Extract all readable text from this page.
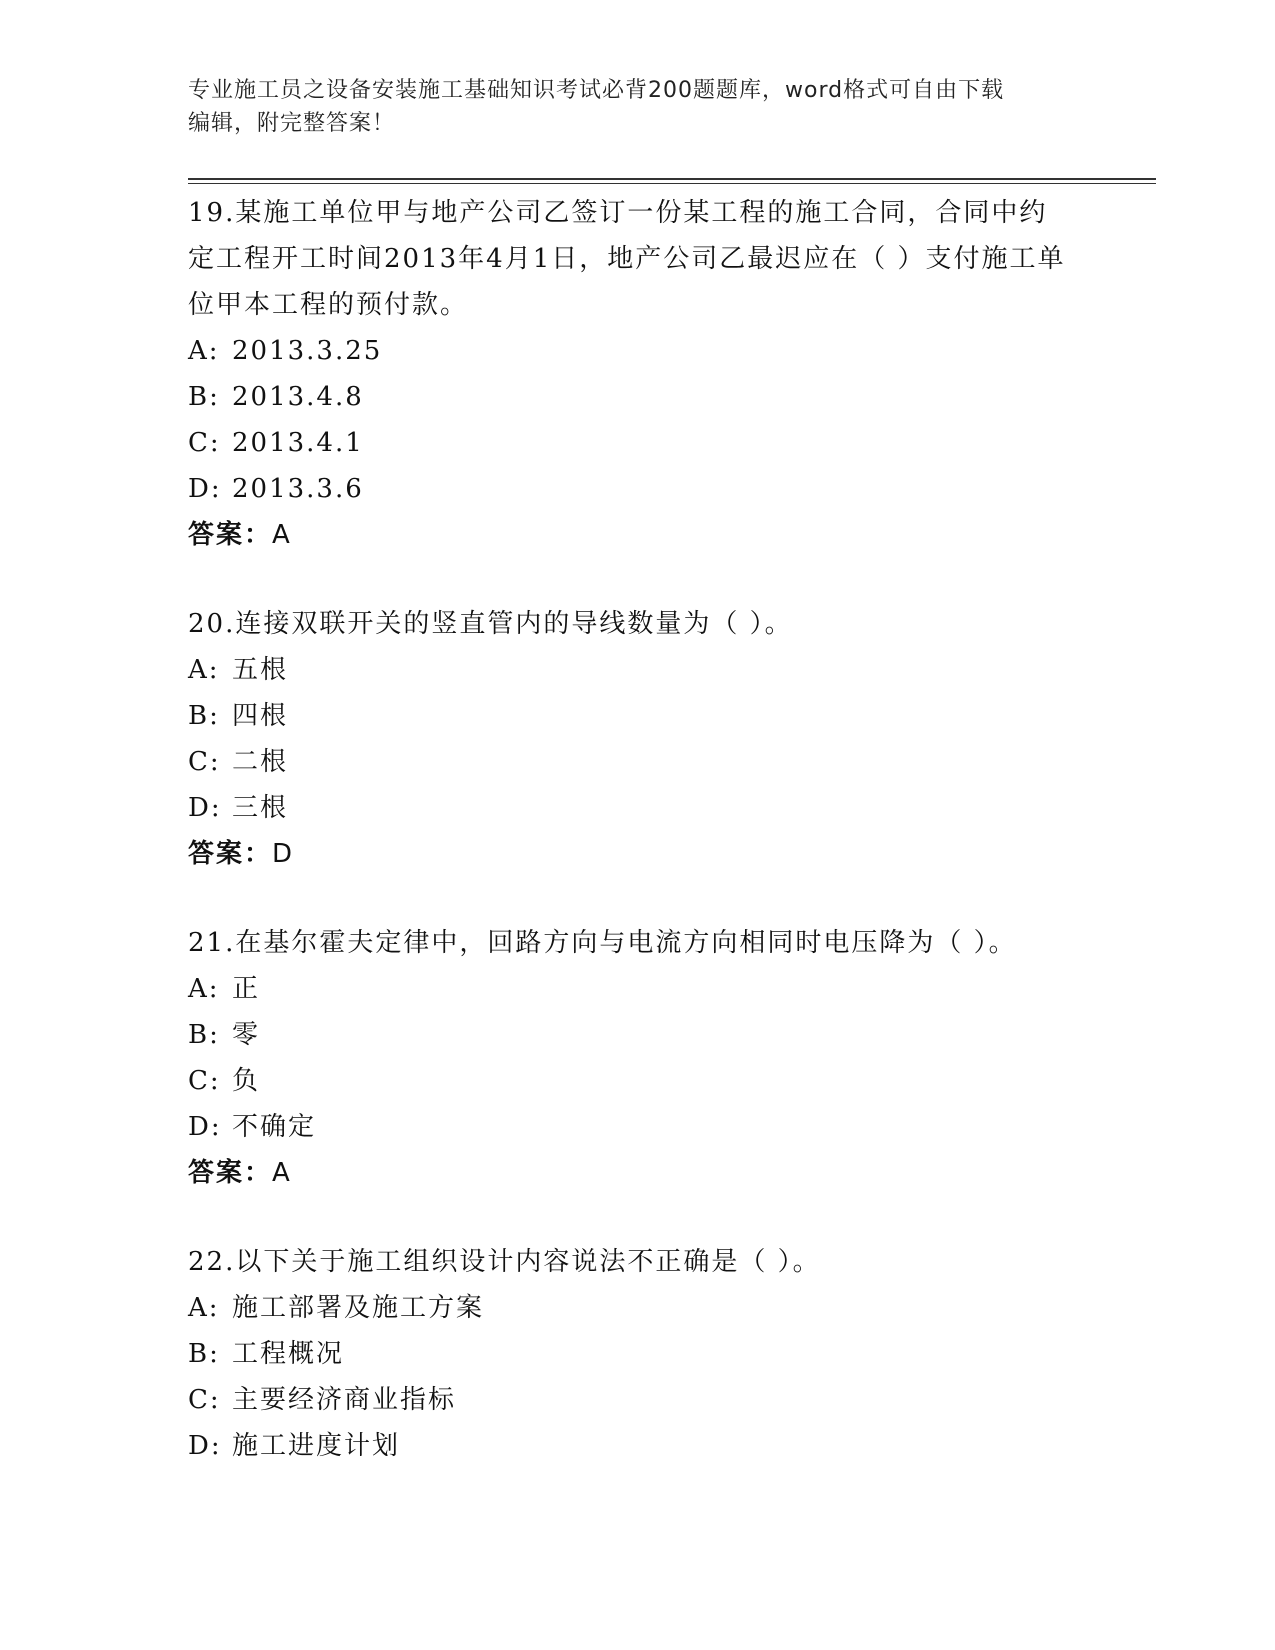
专业施工员之设备安装施工基础知识考试必背200题题库，word格式可自由下载
编辑，附完整答案！
19.某施工单位甲与地产公司乙签订一份某工程的施工合同，合同中约定工程开工时间2013年4月1日，地产公司乙最迟应在（ ）支付施工单位甲本工程的预付款。
A: 2013.3.25
B: 2013.4.8
C: 2013.4.1
D: 2013.3.6
答案：A
20.连接双联开关的竖直管内的导线数量为（ ）。
A: 五根
B: 四根
C: 二根
D: 三根
答案：D
21.在基尔霍夫定律中，回路方向与电流方向相同时电压降为（ ）。
A: 正
B: 零
C: 负
D: 不确定
答案：A
22.以下关于施工组织设计内容说法不正确是（ ）。
A: 施工部署及施工方案
B: 工程概况
C: 主要经济商业指标
D: 施工进度计划
